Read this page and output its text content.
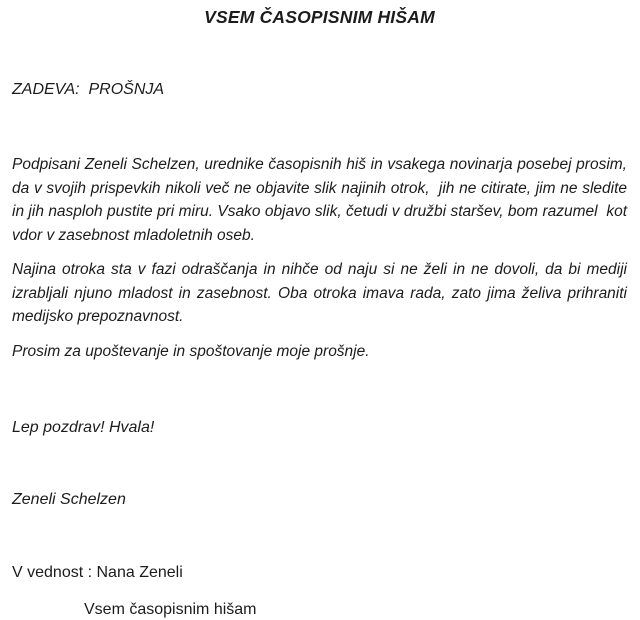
VSEM ČASOPISNIM HIŠAM

ZADEVA:  PROŠNJA

Podpisani Zeneli Schelzen, urednike časopisnih hiš in vsakega novinarja posebej prosim, da v svojih prispevkih nikoli več ne objavite slik najinih otrok,  jih ne citirate, jim ne sledite in jih nasploh pustite pri miru. Vsako objavo slik, četudi v družbi staršev, bom razumel  kot vdor v zasebnost mladoletnih oseb.

Najina otroka sta v fazi odraščanja in nihče od naju si ne želi in ne dovoli, da bi mediji izrabljali njuno mladost in zasebnost. Oba otroka imava rada, zato jima želiva prihraniti medijsko prepoznavnost.

Prosim za upoštevanje in spoštovanje moje prošnje.

Lep pozdrav! Hvala!

Zeneli Schelzen

V vednost : Nana Zeneli

Vsem časopisnim hišam
